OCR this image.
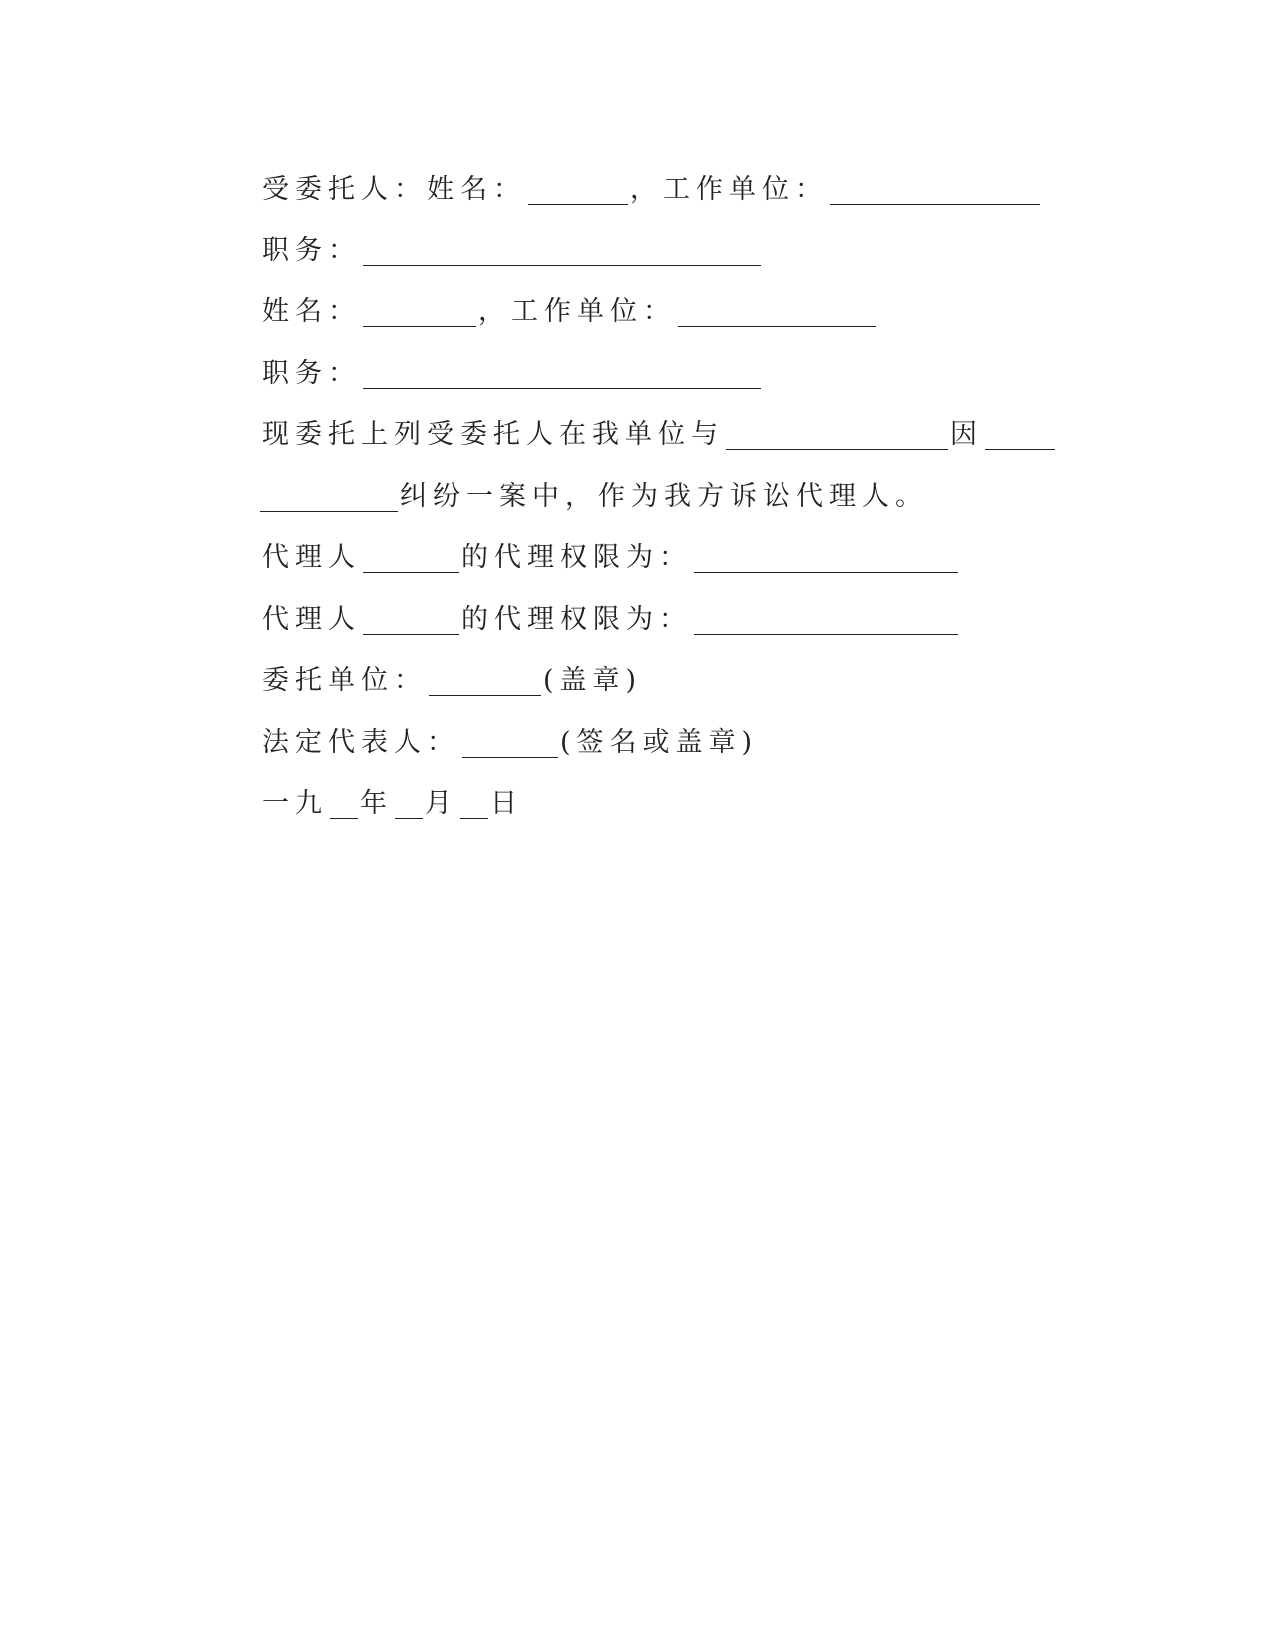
受委托人：姓名：	，工作单位：
职务：
姓名：	，工作单位：
职务：
现委托上列受委托人在我单位与	因
纠纷一案中，作为我方诉讼代理人。
代理人	的代理权限为：
代理人	的代理权限为：
委托单位：	(盖章)
法定代表人：	(签名或盖章)
一九 年 月 日
